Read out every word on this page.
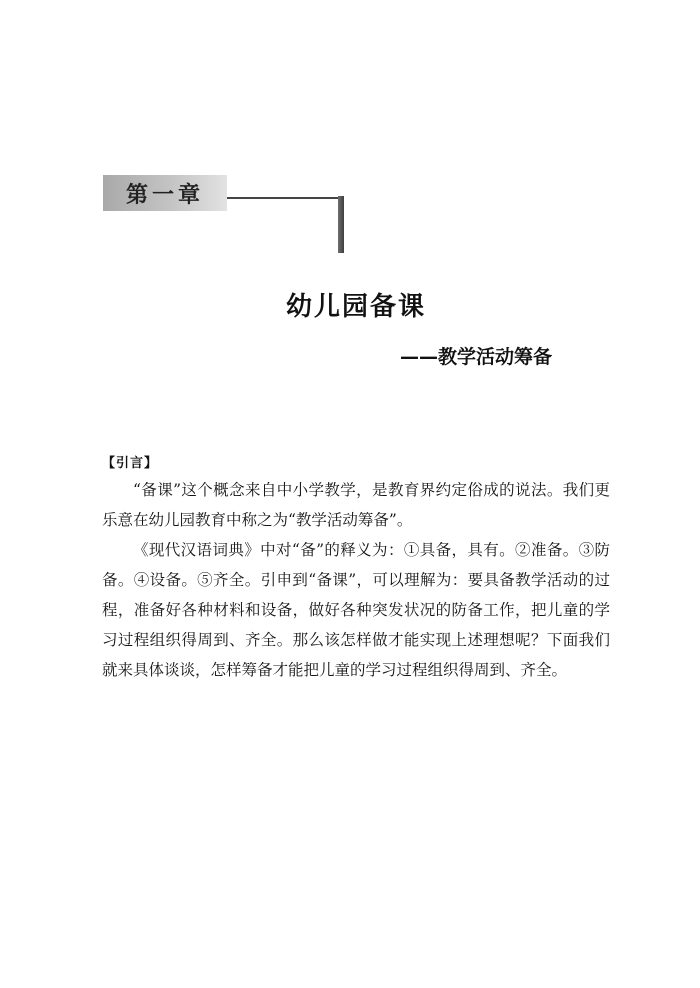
第一章
幼儿园备课
——教学活动筹备
【引言】

“备课”这个概念来自中小学教学，是教育界约定俗成的说法。我们更乐意在幼儿园教育中称之为“教学活动筹备”。

《现代汉语词典》中对“备”的释义为：①具备，具有。②准备。③防备。④设备。⑤齐全。引申到“备课”，可以理解为：要具备教学活动的过程，准备好各种材料和设备，做好各种突发状况的防备工作，把儿童的学习过程组织得周到、齐全。那么该怎样做才能实现上述理想呢？下面我们就来具体谈谈，怎样筹备才能把儿童的学习过程组织得周到、齐全。
